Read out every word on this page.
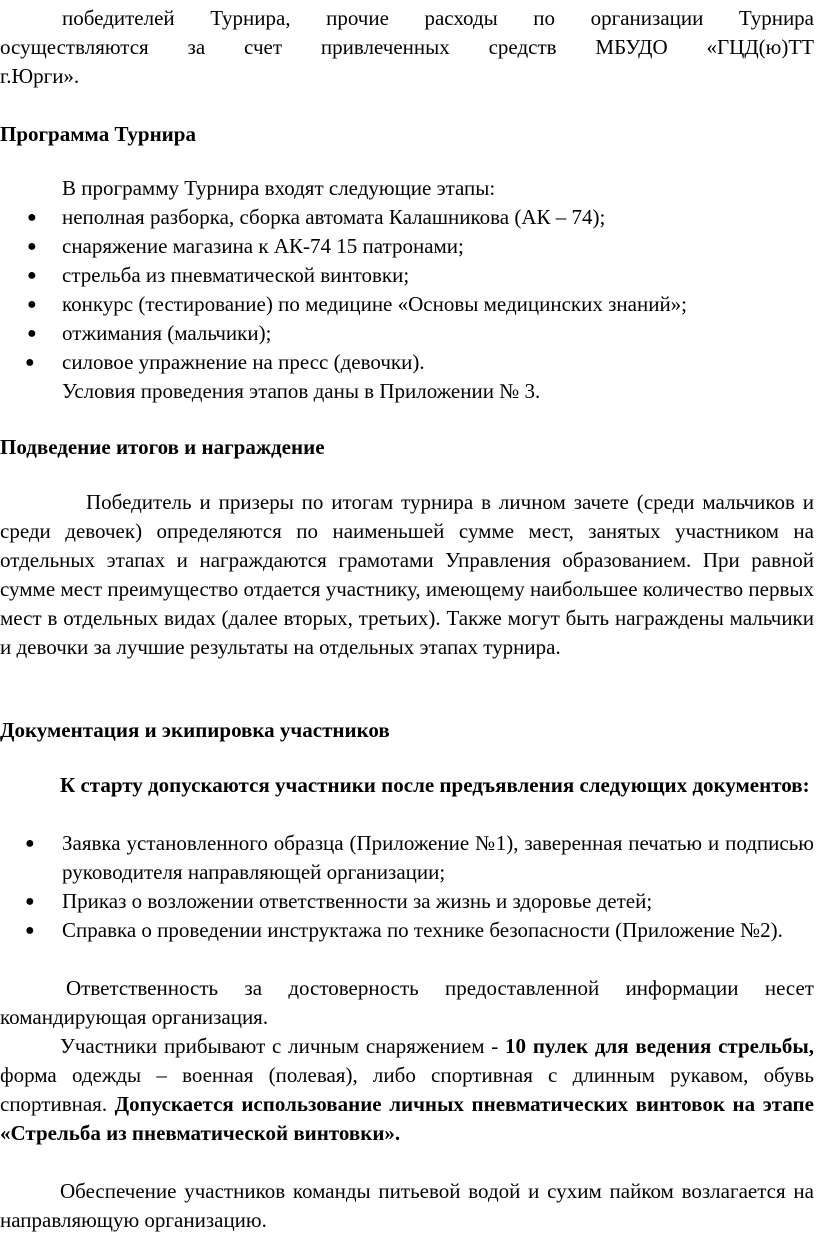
победителей Турнира, прочие расходы по организации Турнира

осуществляются за счет привлеченных средств МБУДО «ГЦД(ю)ТТ

г.Юрги».

Программа Турнира

В программу Турнира входят следующие этапы:

● неполная разборка, сборка автомата Калашникова (АК – 74);
● снаряжение магазина к АК-74 15 патронами;
● стрельба из пневматической винтовки;
● конкурс (тестирование) по медицине «Основы медицинских знаний»;
● отжимания (мальчики);
● силовое упражнение на пресс (девочки).

Условия проведения этапов даны в Приложении № 3.

Подведение итогов и награждение

Победитель и призеры по итогам турнира в личном зачете (среди мальчиков и среди девочек) определяются по наименьшей сумме мест, занятых участником на отдельных этапах и награждаются грамотами Управления образованием. При равной сумме мест преимущество отдается участнику, имеющему наибольшее количество первых мест в отдельных видах (далее вторых, третьих). Также могут быть награждены мальчики и девочки за лучшие результаты на отдельных этапах турнира.

Документация и экипировка участников

К старту допускаются участники после предъявления следующих документов:

● Заявка установленного образца (Приложение №1), заверенная печатью и подписью руководителя направляющей организации;
● Приказ о возложении ответственности за жизнь и здоровье детей;
● Справка о проведении инструктажа по технике безопасности (Приложение №2).

Ответственность за достоверность предоставленной информации несет командирующая организация.

Участники прибывают с личным снаряжением - 10 пулек для ведения стрельбы, форма одежды – военная (полевая), либо спортивная с длинным рукавом, обувь спортивная. Допускается использование личных пневматических винтовок на этапе «Стрельба из пневматической винтовки».

Обеспечение участников команды питьевой водой и сухим пайком возлагается на направляющую организацию.
